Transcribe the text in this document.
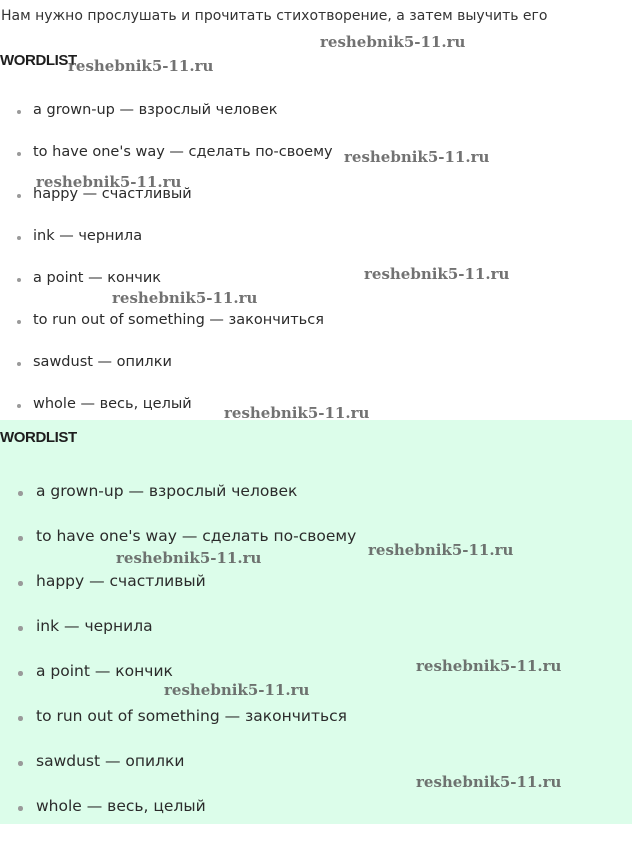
Нам нужно прослушать и прочитать стихотворение, а затем выучить его

WORDLIST
a grown-up — взрослый человек
to have one's way — сделать по-своему
happy — счастливый
ink — чернила
a point — кончик
to run out of something — закончиться
sawdust — опилки
whole — весь, целый
WORDLIST
a grown-up — взрослый человек
to have one's way — сделать по-своему
happy — счастливый
ink — чернила
a point — кончик
to run out of something — закончиться
sawdust — опилки
whole — весь, целый
reshebnik5-11.ru
reshebnik5-11.ru
reshebnik5-11.ru
reshebnik5-11.ru
reshebnik5-11.ru
reshebnik5-11.ru
reshebnik5-11.ru
reshebnik5-11.ru
reshebnik5-11.ru
reshebnik5-11.ru
reshebnik5-11.ru
reshebnik5-11.ru
